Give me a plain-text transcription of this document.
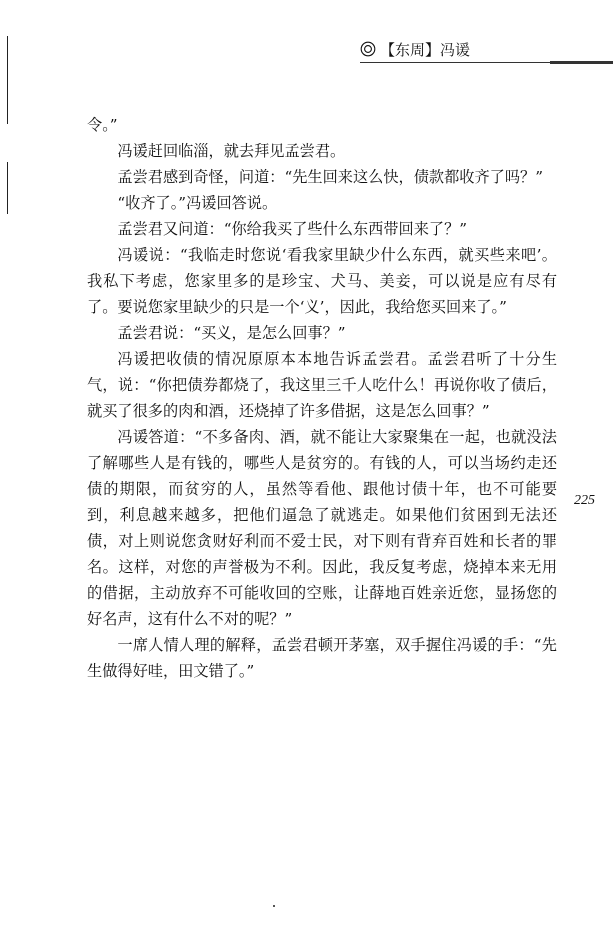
【东周】冯谖

令。”

冯谖赶回临淄，就去拜见孟尝君。

孟尝君感到奇怪，问道：“先生回来这么快，债款都收齐了吗？”

“收齐了。”冯谖回答说。

孟尝君又问道：“你给我买了些什么东西带回来了？”

冯谖说：“我临走时您说‘看我家里缺少什么东西，就买些来吧’。我私下考虑，您家里多的是珍宝、犬马、美妾，可以说是应有尽有了。要说您家里缺少的只是一个‘义’，因此，我给您买回来了。”

孟尝君说：“买义，是怎么回事？”

冯谖把收债的情况原原本本地告诉孟尝君。孟尝君听了十分生气，说：“你把债券都烧了，我这里三千人吃什么！再说你收了债后，就买了很多的肉和酒，还烧掉了许多借据，这是怎么回事？”

冯谖答道：“不多备肉、酒，就不能让大家聚集在一起，也就没法了解哪些人是有钱的，哪些人是贫穷的。有钱的人，可以当场约走还债的期限，而贫穷的人，虽然等看他、跟他讨债十年，也不可能要到，利息越来越多，把他们逼急了就逃走。如果他们贫困到无法还债，对上则说您贪财好利而不爱士民，对下则有背弃百姓和长者的罪名。这样，对您的声誉极为不利。因此，我反复考虑，烧掉本来无用的借据，主动放弃不可能收回的空账，让薛地百姓亲近您，显扬您的好名声，这有什么不对的呢？”

一席人情人理的解释，孟尝君顿开茅塞，双手握住冯谖的手：“先生做得好哇，田文错了。”

225
